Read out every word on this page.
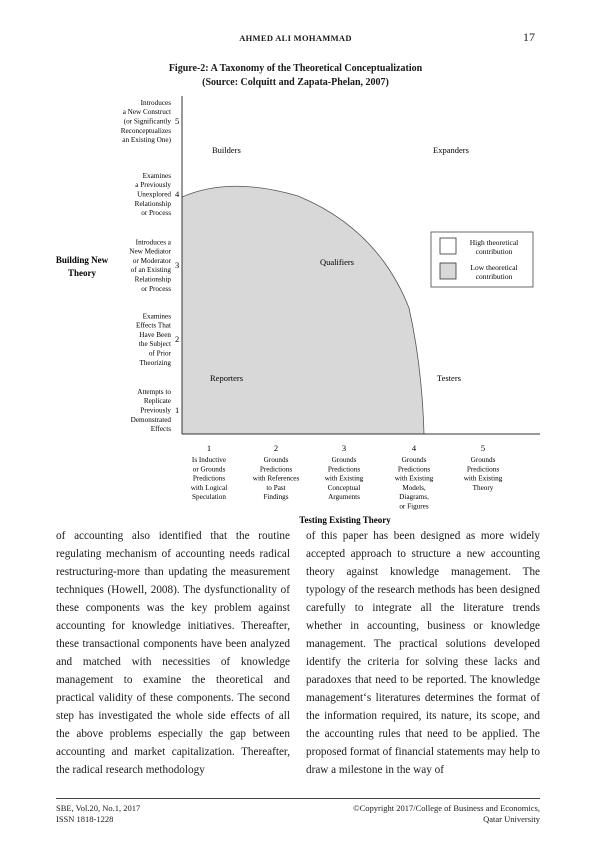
AHMED ALI MOHAMMAD	17
Figure-2: A Taxonomy of the Theoretical Conceptualization
(Source: Colquitt and Zapata-Phelan, 2007)
Attempts to
Replicate
Previously
Demonstrated
Effects
1
Examines
Effects That
Have Been
the Subject
of Prior
Theorizing
2
Introduces a
New Mediator
or Moderator
of an Existing
Relationship
or Process
3
Examines
a Previously
Unexplored
Relationship
or Process
4
Introduces
a New Construct
(or Significantly
Reconceptualizes
an Existing One)
5
1
Is Inductive
or Grounds
Predictions
with Logical
Speculation
2
Grounds
Predictions
with References
to Past
Findings
3
Grounds
Predictions
with Existing
Conceptual
Arguments
4
Grounds
Predictions
with Existing
Models,
Diagrams,
or Figures
5
Grounds
Predictions
with Existing
Theory
Building New
Theory
Testing Existing Theory
Builders	Expanders
Qualifiers
Reporters	Testers
High theoretical
contribution
Low theoretical
contribution
of accounting also identified that the routine regulating mechanism of accounting needs radical restructuring-more than updating the measurement techniques (Howell, 2008). The dysfunctionality of these components was the key problem against accounting for knowledge initiatives. Thereafter, these transactional components have been analyzed and matched with necessities of knowledge management to examine the theoretical and practical validity of these components. The second step has investigated the whole side effects of all the above problems especially the gap between accounting and market capitalization. Thereafter, the radical research methodology
of this paper has been designed as more widely accepted approach to structure a new accounting theory against knowledge management. The typology of the research methods has been designed carefully to integrate all the literature trends whether in accounting, business or knowledge management. The practical solutions developed identify the criteria for solving these lacks and paradoxes that need to be reported. The knowledge management‘s literatures determines the format of the information required, its nature, its scope, and the accounting rules that need to be applied. The proposed format of financial statements may help to draw a milestone in the way of
SBE, Vol.20, No.1, 2017
ISSN 1818-1228
©Copyright 2017/College of Business and Economics,
Qatar University
